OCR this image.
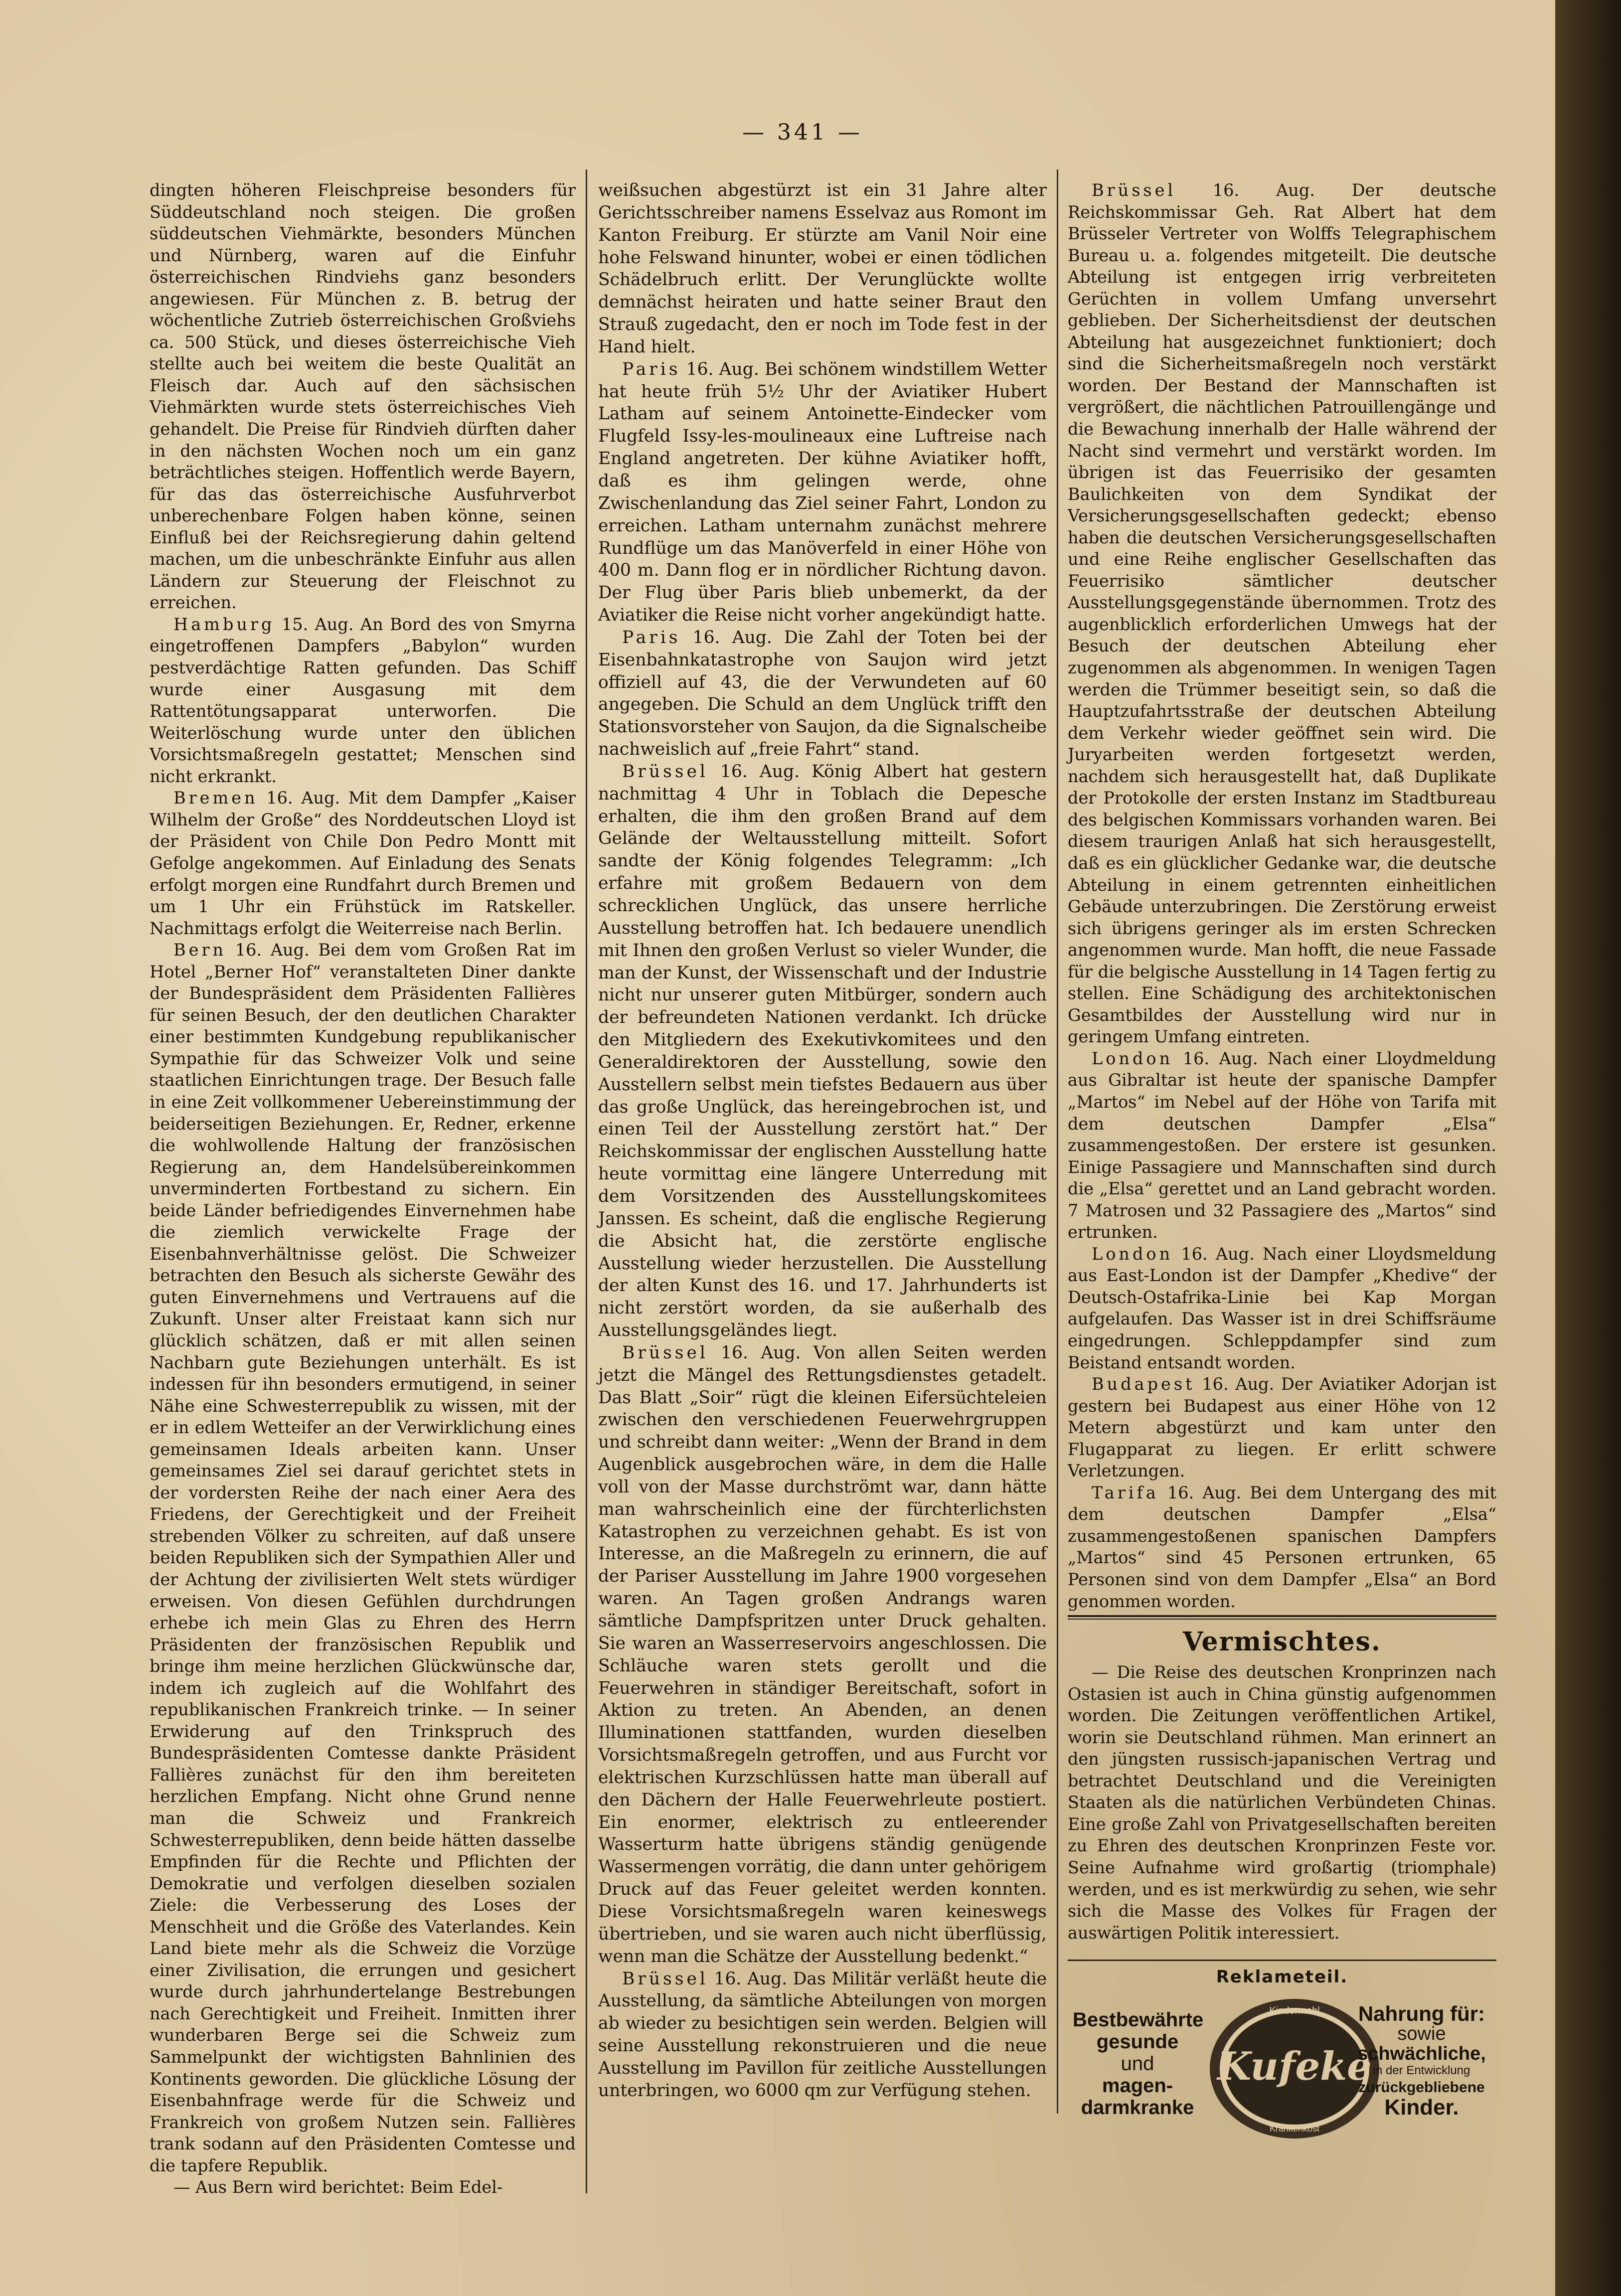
— 341 —

dingten höheren Fleischpreise besonders für Süddeutschland noch steigen. Die großen süddeutschen Viehmärkte, besonders München und Nürnberg, waren auf die Einfuhr österreichischen Rindviehs ganz besonders angewiesen. Für München z. B. betrug der wöchentliche Zutrieb österreichischen Großviehs ca. 500 Stück, und dieses österreichische Vieh stellte auch bei weitem die beste Qualität an Fleisch dar. Auch auf den sächsischen Viehmärkten wurde stets österreichisches Vieh gehandelt. Die Preise für Rindvieh dürften daher in den nächsten Wochen noch um ein ganz beträchtliches steigen. Hoffentlich werde Bayern, für das das österreichische Ausfuhrverbot unberechenbare Folgen haben könne, seinen Einfluß bei der Reichsregierung dahin geltend machen, um die unbeschränkte Einfuhr aus allen Ländern zur Steuerung der Fleischnot zu erreichen.

Hamburg 15. Aug. An Bord des von Smyrna eingetroffenen Dampfers „Babylon“ wurden pestverdächtige Ratten gefunden. Das Schiff wurde einer Ausgasung mit dem Rattentötungsapparat unterworfen. Die Weiterlöschung wurde unter den üblichen Vorsichtsmaßregeln gestattet; Menschen sind nicht erkrankt.

Bremen 16. Aug. Mit dem Dampfer „Kaiser Wilhelm der Große“ des Norddeutschen Lloyd ist der Präsident von Chile Don Pedro Montt mit Gefolge angekommen. Auf Einladung des Senats erfolgt morgen eine Rundfahrt durch Bremen und um 1 Uhr ein Frühstück im Ratskeller. Nachmittags erfolgt die Weiterreise nach Berlin.

Bern 16. Aug. Bei dem vom Großen Rat im Hotel „Berner Hof“ veranstalteten Diner dankte der Bundespräsident dem Präsidenten Fallières für seinen Besuch, der den deutlichen Charakter einer bestimmten Kundgebung republikanischer Sympathie für das Schweizer Volk und seine staatlichen Einrichtungen trage. Der Besuch falle in eine Zeit vollkommener Uebereinstimmung der beiderseitigen Beziehungen. Er, Redner, erkenne die wohlwollende Haltung der französischen Regierung an, dem Handelsübereinkommen unverminderten Fortbestand zu sichern. Ein beide Länder befriedigendes Einvernehmen habe die ziemlich verwickelte Frage der Eisenbahnverhältnisse gelöst. Die Schweizer betrachten den Besuch als sicherste Gewähr des guten Einvernehmens und Vertrauens auf die Zukunft. Unser alter Freistaat kann sich nur glücklich schätzen, daß er mit allen seinen Nachbarn gute Beziehungen unterhält. Es ist indessen für ihn besonders ermutigend, in seiner Nähe eine Schwesterrepublik zu wissen, mit der er in edlem Wetteifer an der Verwirklichung eines gemeinsamen Ideals arbeiten kann. Unser gemeinsames Ziel sei darauf gerichtet stets in der vordersten Reihe der nach einer Aera des Friedens, der Gerechtigkeit und der Freiheit strebenden Völker zu schreiten, auf daß unsere beiden Republiken sich der Sympathien Aller und der Achtung der zivilisierten Welt stets würdiger erweisen. Von diesen Gefühlen durchdrungen erhebe ich mein Glas zu Ehren des Herrn Präsidenten der französischen Republik und bringe ihm meine herzlichen Glückwünsche dar, indem ich zugleich auf die Wohlfahrt des republikanischen Frankreich trinke. — In seiner Erwiderung auf den Trinkspruch des Bundespräsidenten Comtesse dankte Präsident Fallières zunächst für den ihm bereiteten herzlichen Empfang. Nicht ohne Grund nenne man die Schweiz und Frankreich Schwesterrepubliken, denn beide hätten dasselbe Empfinden für die Rechte und Pflichten der Demokratie und verfolgen dieselben sozialen Ziele: die Verbesserung des Loses der Menschheit und die Größe des Vaterlandes. Kein Land biete mehr als die Schweiz die Vorzüge einer Zivilisation, die errungen und gesichert wurde durch jahrhundertelange Bestrebungen nach Gerechtigkeit und Freiheit. Inmitten ihrer wunderbaren Berge sei die Schweiz zum Sammelpunkt der wichtigsten Bahnlinien des Kontinents geworden. Die glückliche Lösung der Eisenbahnfrage werde für die Schweiz und Frankreich von großem Nutzen sein. Fallières trank sodann auf den Präsidenten Comtesse und die tapfere Republik.

— Aus Bern wird berichtet: Beim Edel-

weißsuchen abgestürzt ist ein 31 Jahre alter Gerichtsschreiber namens Esselvaz aus Romont im Kanton Freiburg. Er stürzte am Vanil Noir eine hohe Felswand hinunter, wobei er einen tödlichen Schädelbruch erlitt. Der Verunglückte wollte demnächst heiraten und hatte seiner Braut den Strauß zugedacht, den er noch im Tode fest in der Hand hielt.

Paris 16. Aug. Bei schönem windstillem Wetter hat heute früh 5½ Uhr der Aviatiker Hubert Latham auf seinem Antoinette-Eindecker vom Flugfeld Issy-les-moulineaux eine Luftreise nach England angetreten. Der kühne Aviatiker hofft, daß es ihm gelingen werde, ohne Zwischenlandung das Ziel seiner Fahrt, London zu erreichen. Latham unternahm zunächst mehrere Rundflüge um das Manöverfeld in einer Höhe von 400 m. Dann flog er in nördlicher Richtung davon. Der Flug über Paris blieb unbemerkt, da der Aviatiker die Reise nicht vorher angekündigt hatte.

Paris 16. Aug. Die Zahl der Toten bei der Eisenbahnkatastrophe von Saujon wird jetzt offiziell auf 43, die der Verwundeten auf 60 angegeben. Die Schuld an dem Unglück trifft den Stationsvorsteher von Saujon, da die Signalscheibe nachweislich auf „freie Fahrt“ stand.

Brüssel 16. Aug. König Albert hat gestern nachmittag 4 Uhr in Toblach die Depesche erhalten, die ihm den großen Brand auf dem Gelände der Weltausstellung mitteilt. Sofort sandte der König folgendes Telegramm: „Ich erfahre mit großem Bedauern von dem schrecklichen Unglück, das unsere herrliche Ausstellung betroffen hat. Ich bedauere unendlich mit Ihnen den großen Verlust so vieler Wunder, die man der Kunst, der Wissenschaft und der Industrie nicht nur unserer guten Mitbürger, sondern auch der befreundeten Nationen verdankt. Ich drücke den Mitgliedern des Exekutivkomitees und den Generaldirektoren der Ausstellung, sowie den Ausstellern selbst mein tiefstes Bedauern aus über das große Unglück, das hereingebrochen ist, und einen Teil der Ausstellung zerstört hat.“ Der Reichskommissar der englischen Ausstellung hatte heute vormittag eine längere Unterredung mit dem Vorsitzenden des Ausstellungskomitees Janssen. Es scheint, daß die englische Regierung die Absicht hat, die zerstörte englische Ausstellung wieder herzustellen. Die Ausstellung der alten Kunst des 16. und 17. Jahrhunderts ist nicht zerstört worden, da sie außerhalb des Ausstellungsgeländes liegt.

Brüssel 16. Aug. Von allen Seiten werden jetzt die Mängel des Rettungsdienstes getadelt. Das Blatt „Soir“ rügt die kleinen Eifersüchteleien zwischen den verschiedenen Feuerwehrgruppen und schreibt dann weiter: „Wenn der Brand in dem Augenblick ausgebrochen wäre, in dem die Halle voll von der Masse durchströmt war, dann hätte man wahrscheinlich eine der fürchterlichsten Katastrophen zu verzeichnen gehabt. Es ist von Interesse, an die Maßregeln zu erinnern, die auf der Pariser Ausstellung im Jahre 1900 vorgesehen waren. An Tagen großen Andrangs waren sämtliche Dampfspritzen unter Druck gehalten. Sie waren an Wasserreservoirs angeschlossen. Die Schläuche waren stets gerollt und die Feuerwehren in ständiger Bereitschaft, sofort in Aktion zu treten. An Abenden, an denen Illuminationen stattfanden, wurden dieselben Vorsichtsmaßregeln getroffen, und aus Furcht vor elektrischen Kurzschlüssen hatte man überall auf den Dächern der Halle Feuerwehrleute postiert. Ein enormer, elektrisch zu entleerender Wasserturm hatte übrigens ständig genügende Wassermengen vorrätig, die dann unter gehörigem Druck auf das Feuer geleitet werden konnten. Diese Vorsichtsmaßregeln waren keineswegs übertrieben, und sie waren auch nicht überflüssig, wenn man die Schätze der Ausstellung bedenkt.“

Brüssel 16. Aug. Das Militär verläßt heute die Ausstellung, da sämtliche Abteilungen von morgen ab wieder zu besichtigen sein werden. Belgien will seine Ausstellung rekonstruieren und die neue Ausstellung im Pavillon für zeitliche Ausstellungen unterbringen, wo 6000 qm zur Verfügung stehen.

Brüssel 16. Aug. Der deutsche Reichskommissar Geh. Rat Albert hat dem Brüsseler Vertreter von Wolffs Telegraphischem Bureau u. a. folgendes mitgeteilt. Die deutsche Abteilung ist entgegen irrig verbreiteten Gerüchten in vollem Umfang unversehrt geblieben. Der Sicherheitsdienst der deutschen Abteilung hat ausgezeichnet funktioniert; doch sind die Sicherheitsmaßregeln noch verstärkt worden. Der Bestand der Mannschaften ist vergrößert, die nächtlichen Patrouillengänge und die Bewachung innerhalb der Halle während der Nacht sind vermehrt und verstärkt worden. Im übrigen ist das Feuerrisiko der gesamten Baulichkeiten von dem Syndikat der Versicherungsgesellschaften gedeckt; ebenso haben die deutschen Versicherungsgesellschaften und eine Reihe englischer Gesellschaften das Feuerrisiko sämtlicher deutscher Ausstellungsgegenstände übernommen. Trotz des augenblicklich erforderlichen Umwegs hat der Besuch der deutschen Abteilung eher zugenommen als abgenommen. In wenigen Tagen werden die Trümmer beseitigt sein, so daß die Hauptzufahrtsstraße der deutschen Abteilung dem Verkehr wieder geöffnet sein wird. Die Juryarbeiten werden fortgesetzt werden, nachdem sich herausgestellt hat, daß Duplikate der Protokolle der ersten Instanz im Stadtbureau des belgischen Kommissars vorhanden waren. Bei diesem traurigen Anlaß hat sich herausgestellt, daß es ein glücklicher Gedanke war, die deutsche Abteilung in einem getrennten einheitlichen Gebäude unterzubringen. Die Zerstörung erweist sich übrigens geringer als im ersten Schrecken angenommen wurde. Man hofft, die neue Fassade für die belgische Ausstellung in 14 Tagen fertig zu stellen. Eine Schädigung des architektonischen Gesamtbildes der Ausstellung wird nur in geringem Umfang eintreten.

London 16. Aug. Nach einer Lloydmeldung aus Gibraltar ist heute der spanische Dampfer „Martos“ im Nebel auf der Höhe von Tarifa mit dem deutschen Dampfer „Elsa“ zusammengestoßen. Der erstere ist gesunken. Einige Passagiere und Mannschaften sind durch die „Elsa“ gerettet und an Land gebracht worden. 7 Matrosen und 32 Passagiere des „Martos“ sind ertrunken.

London 16. Aug. Nach einer Lloydsmeldung aus East-London ist der Dampfer „Khedive“ der Deutsch-Ostafrika-Linie bei Kap Morgan aufgelaufen. Das Wasser ist in drei Schiffsräume eingedrungen. Schleppdampfer sind zum Beistand entsandt worden.

Budapest 16. Aug. Der Aviatiker Adorjan ist gestern bei Budapest aus einer Höhe von 12 Metern abgestürzt und kam unter den Flugapparat zu liegen. Er erlitt schwere Verletzungen.

Tarifa 16. Aug. Bei dem Untergang des mit dem deutschen Dampfer „Elsa“ zusammengestoßenen spanischen Dampfers „Martos“ sind 45 Personen ertrunken, 65 Personen sind von dem Dampfer „Elsa“ an Bord genommen worden.

Vermischtes.

— Die Reise des deutschen Kronprinzen nach Ostasien ist auch in China günstig aufgenommen worden. Die Zeitungen veröffentlichen Artikel, worin sie Deutschland rühmen. Man erinnert an den jüngsten russisch-japanischen Vertrag und betrachtet Deutschland und die Vereinigten Staaten als die natürlichen Verbündeten Chinas. Eine große Zahl von Privatgesellschaften bereiten zu Ehren des deutschen Kronprinzen Feste vor. Seine Aufnahme wird großartig (triomphale) werden, und es ist merkwürdig zu sehen, wie sehr sich die Masse des Volkes für Fragen der auswärtigen Politik interessiert.

Reklameteil.
Bestbewährte
gesunde
und
magen-
darmkranke
Kindermehl
Kufeke
Krankenkost
Nahrung für:
sowie
schwächliche,
in der Entwicklung
zurückgebliebene
Kinder.
